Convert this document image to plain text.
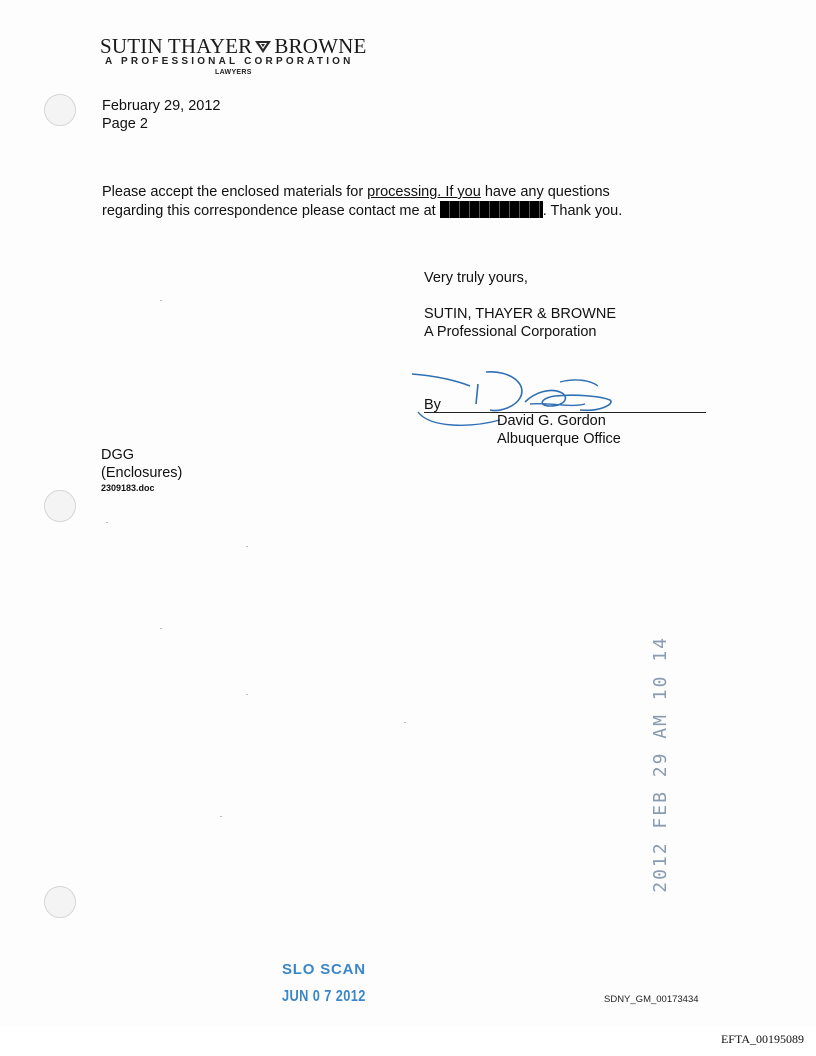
SUTIN THAYER BROWNE
A PROFESSIONAL CORPORATION
LAWYERS
February 29, 2012
Page 2
Please accept the enclosed materials for processing. If you have any questions
regarding this correspondence please contact me at	. Thank you.
Very truly yours,
SUTIN, THAYER & BROWNE
A Professional Corporation
By
David G. Gordon
Albuquerque Office
DGG
(Enclosures)
2309183.doc
2012 FEB 29 AM 10 14
SLO SCAN
JUN 0 7 2012	SDNY_GM_00173434
EFTA_00195089
